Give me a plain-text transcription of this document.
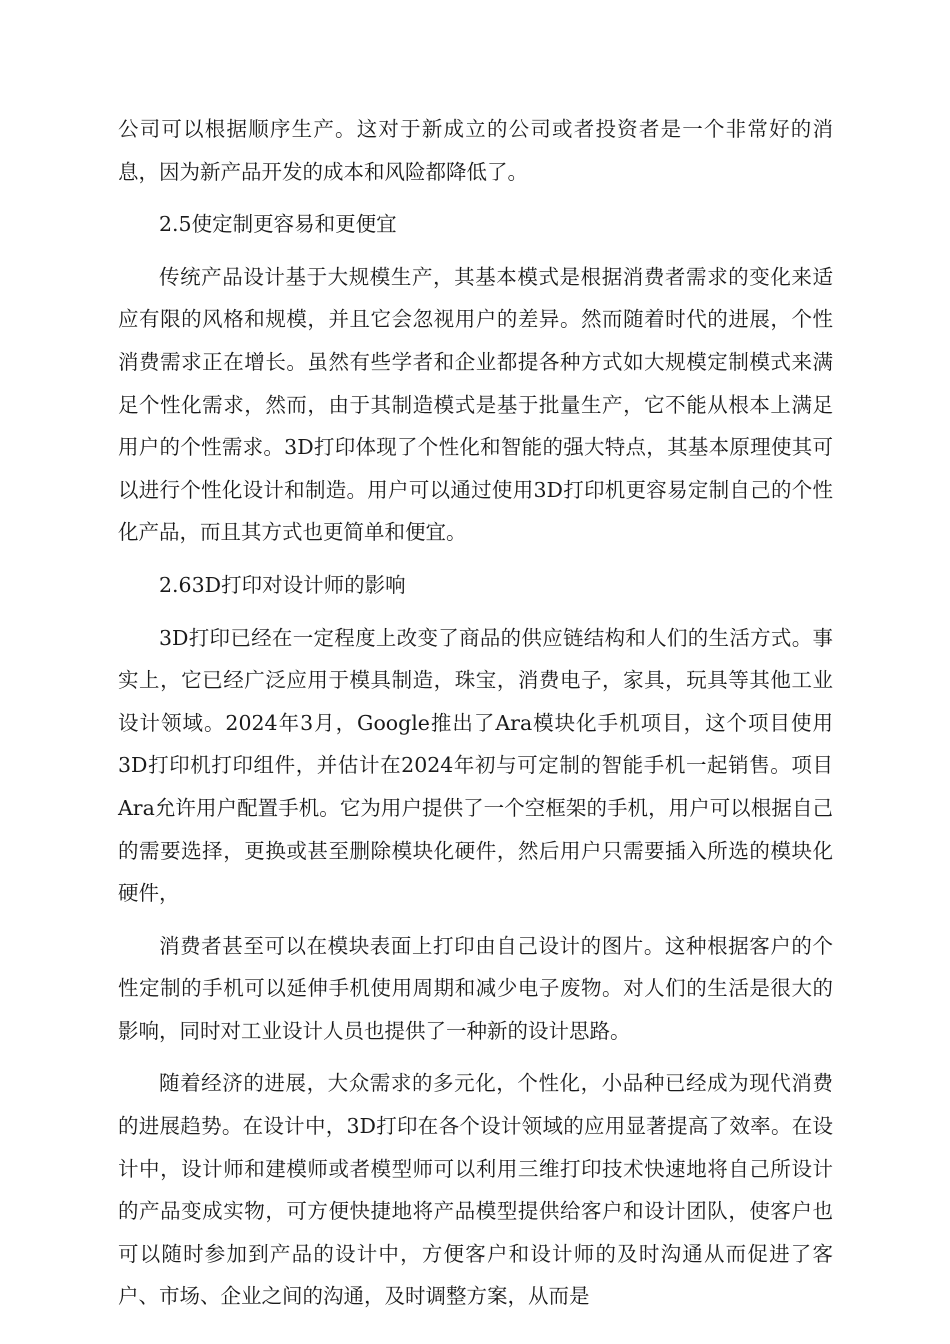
公司可以根据顺序生产。这对于新成立的公司或者投资者是一个非常好的消息，因为新产品开发的成本和风险都降低了。

2.5使定制更容易和更便宜

传统产品设计基于大规模生产，其基本模式是根据消费者需求的变化来适应有限的风格和规模，并且它会忽视用户的差异。然而随着时代的进展，个性消费需求正在增长。虽然有些学者和企业都提各种方式如大规模定制模式来满足个性化需求，然而，由于其制造模式是基于批量生产，它不能从根本上满足用户的个性需求。3D打印体现了个性化和智能的强大特点，其基本原理使其可以进行个性化设计和制造。用户可以通过使用3D打印机更容易定制自己的个性化产品，而且其方式也更简单和便宜。

2.63D打印对设计师的影响

3D打印已经在一定程度上改变了商品的供应链结构和人们的生活方式。事实上，它已经广泛应用于模具制造，珠宝，消费电子，家具，玩具等其他工业设计领域。2024年3月，Google推出了Ara模块化手机项目，这个项目使用3D打印机打印组件，并估计在2024年初与可定制的智能手机一起销售。项目Ara允许用户配置手机。它为用户提供了一个空框架的手机，用户可以根据自己的需要选择，更换或甚至删除模块化硬件，然后用户只需要插入所选的模块化硬件，

消费者甚至可以在模块表面上打印由自己设计的图片。这种根据客户的个性定制的手机可以延伸手机使用周期和减少电子废物。对人们的生活是很大的影响，同时对工业设计人员也提供了一种新的设计思路。

随着经济的进展，大众需求的多元化，个性化，小品种已经成为现代消费的进展趋势。在设计中，3D打印在各个设计领域的应用显著提高了效率。在设计中，设计师和建模师或者模型师可以利用三维打印技术快速地将自己所设计的产品变成实物，可方便快捷地将产品模型提供给客户和设计团队，使客户也可以随时参加到产品的设计中，方便客户和设计师的及时沟通从而促进了客户、市场、企业之间的沟通，及时调整方案，从而是
